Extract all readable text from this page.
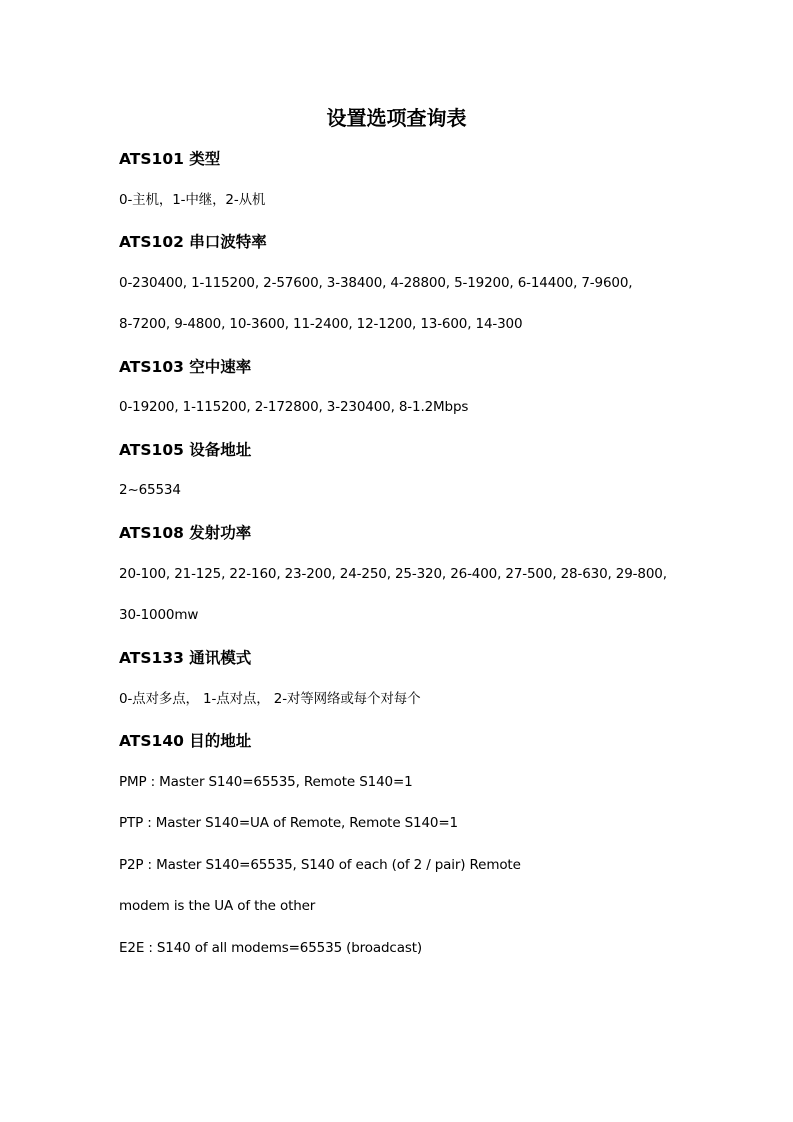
设置选项查询表
ATS101 类型
0-主机，1-中继，2-从机
ATS102 串口波特率
0-230400, 1-115200, 2-57600, 3-38400, 4-28800, 5-19200, 6-14400, 7-9600,
8-7200, 9-4800, 10-3600, 11-2400, 12-1200, 13-600, 14-300
ATS103 空中速率
0-19200, 1-115200, 2-172800, 3-230400, 8-1.2Mbps
ATS105 设备地址
2~65534
ATS108 发射功率
20-100, 21-125, 22-160, 23-200, 24-250, 25-320, 26-400, 27-500, 28-630, 29-800,
30-1000mw
ATS133 通讯模式
0-点对多点， 1-点对点， 2-对等网络或每个对每个
ATS140 目的地址
PMP : Master S140=65535, Remote S140=1
PTP : Master S140=UA of Remote, Remote S140=1
P2P : Master S140=65535, S140 of each (of 2 / pair) Remote
modem is the UA of the other
E2E : S140 of all modems=65535 (broadcast)
